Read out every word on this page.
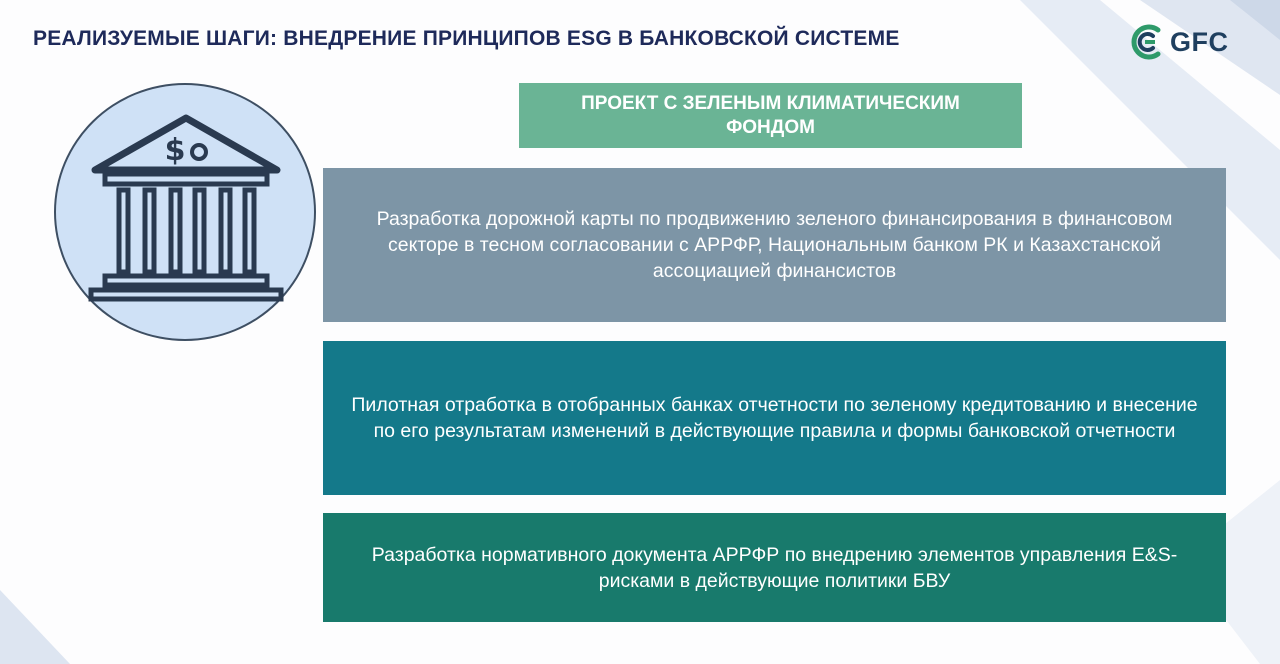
РЕАЛИЗУЕМЫЕ ШАГИ: ВНЕДРЕНИЕ ПРИНЦИПОВ ESG В БАНКОВСКОЙ СИСТЕМЕ	GFC
$
ПРОЕКТ С ЗЕЛЕНЫМ КЛИМАТИЧЕСКИМ ФОНДОМ
Разработка дорожной карты по продвижению зеленого финансирования в финансовом секторе в тесном согласовании с АРРФР, Национальным банком РК и Казахстанской ассоциацией финансистов
Пилотная отработка в отобранных банках отчетности по зеленому кредитованию и внесение по его результатам изменений в действующие правила и формы банковской отчетности
Разработка нормативного документа АРРФР по внедрению элементов управления E&S-рисками в действующие политики БВУ
